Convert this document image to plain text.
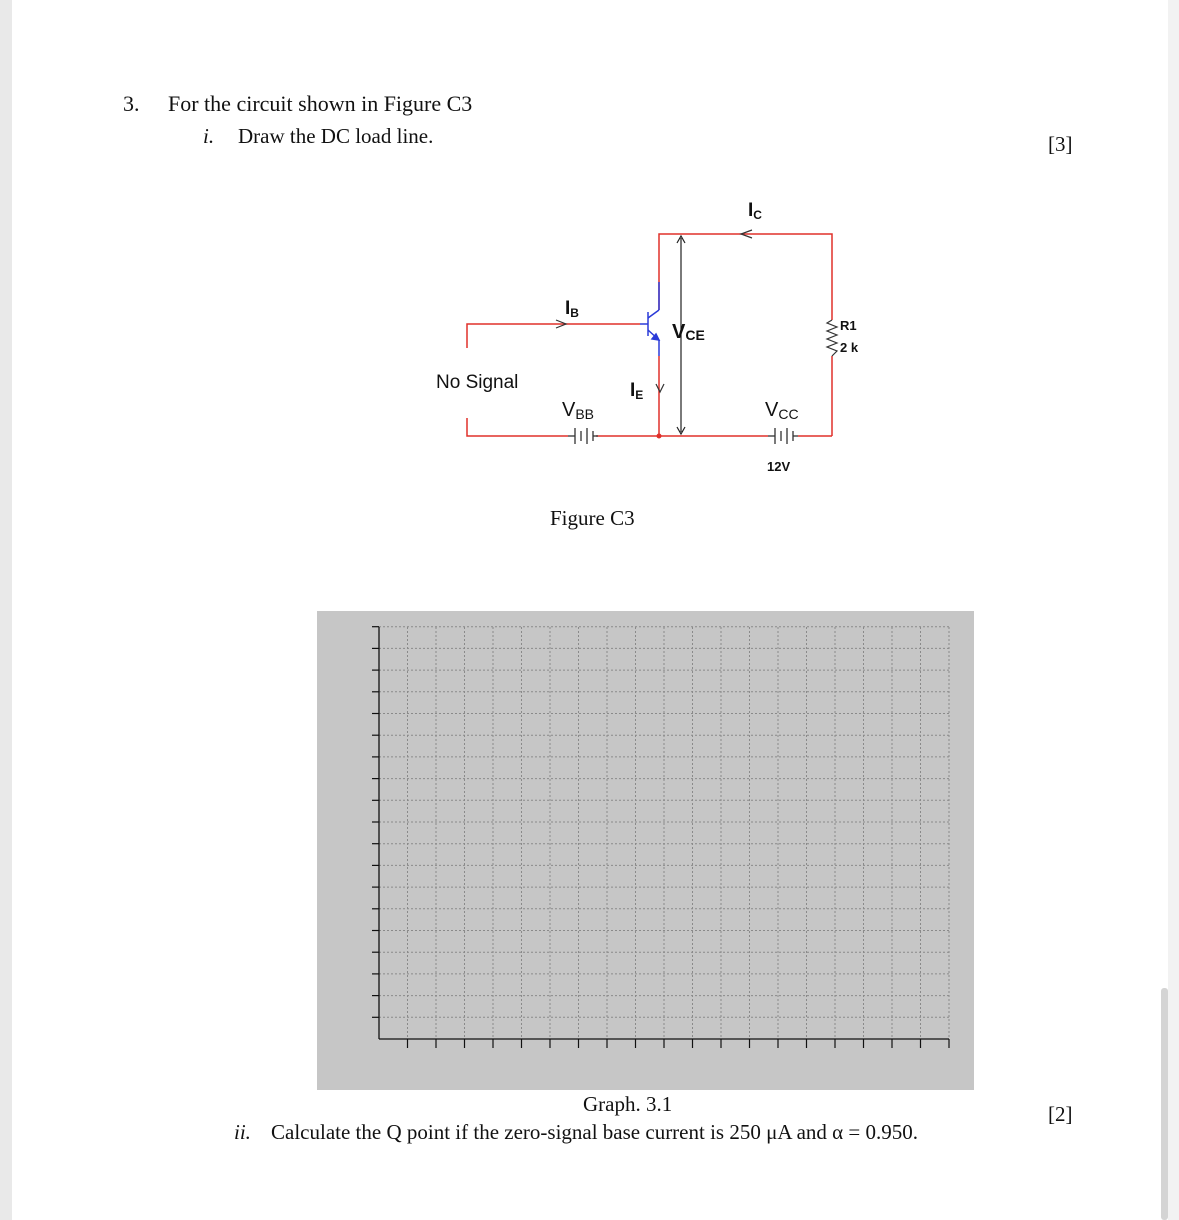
3. For the circuit shown in Figure C3
i. Draw the DC load line.	[3]
IC
IB
IE
VCE
VBB	VCC
12V
R1
2 k
No Signal
Figure C3
Graph. 3.1
ii. Calculate the Q point if the zero-signal base current is 250 μA and α = 0.950.
[2]
